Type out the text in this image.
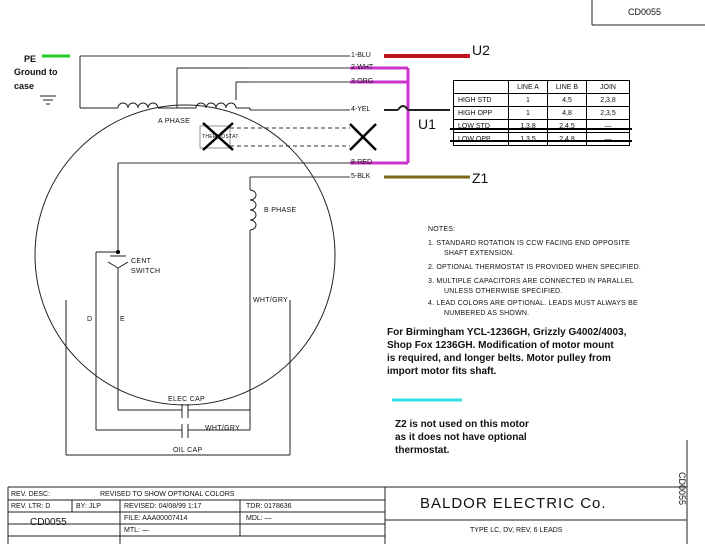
CD0055
PE
Ground to
case
U2
U1
Z1
1-BLU
2-WHT
3-ORG
4-YEL
8-RED
5-BLK
A PHASE
THERMOSTAT
B PHASE
CENT
SWITCH
WHT/GRY
ELEC CAP
WHT/GRY
OIL CAP
D	E
	LINE A	LINE B	JOIN
HIGH STD	1	4,5	2,3,8
HIGH OPP	1	4,8	2,3,5
LOW STD	1,3,8	2,4,5	—
LOW OPP	1,3,5	2,4,8	—
NOTES:
1. STANDARD ROTATION IS CCW FACING END OPPOSITE
SHAFT EXTENSION.
2. OPTIONAL THERMOSTAT IS PROVIDED WHEN SPECIFIED.
3. MULTIPLE CAPACITORS ARE CONNECTED IN PARALLEL
UNLESS OTHERWISE SPECIFIED.
4. LEAD COLORS ARE OPTIONAL. LEADS MUST ALWAYS BE
NUMBERED AS SHOWN.
For Birmingham YCL-1236GH, Grizzly G4002/4003,
Shop Fox 1236GH. Modification of motor mount
is required, and longer belts. Motor pulley from
import motor fits shaft.
Z2 is not used on this motor
as it does not have optional
thermostat.
CD0055
REV. DESC:	REVISED TO SHOW OPTIONAL COLORS
REV. LTR: D	BY: JLP	REVISED: 04/08/99 1:17	TDR: 0178636
FILE: AAA00007414	MDL: —
MTL: —
CD0055
BALDOR ELECTRIC Co.
TYPE LC, DV, REV, 6 LEADS
